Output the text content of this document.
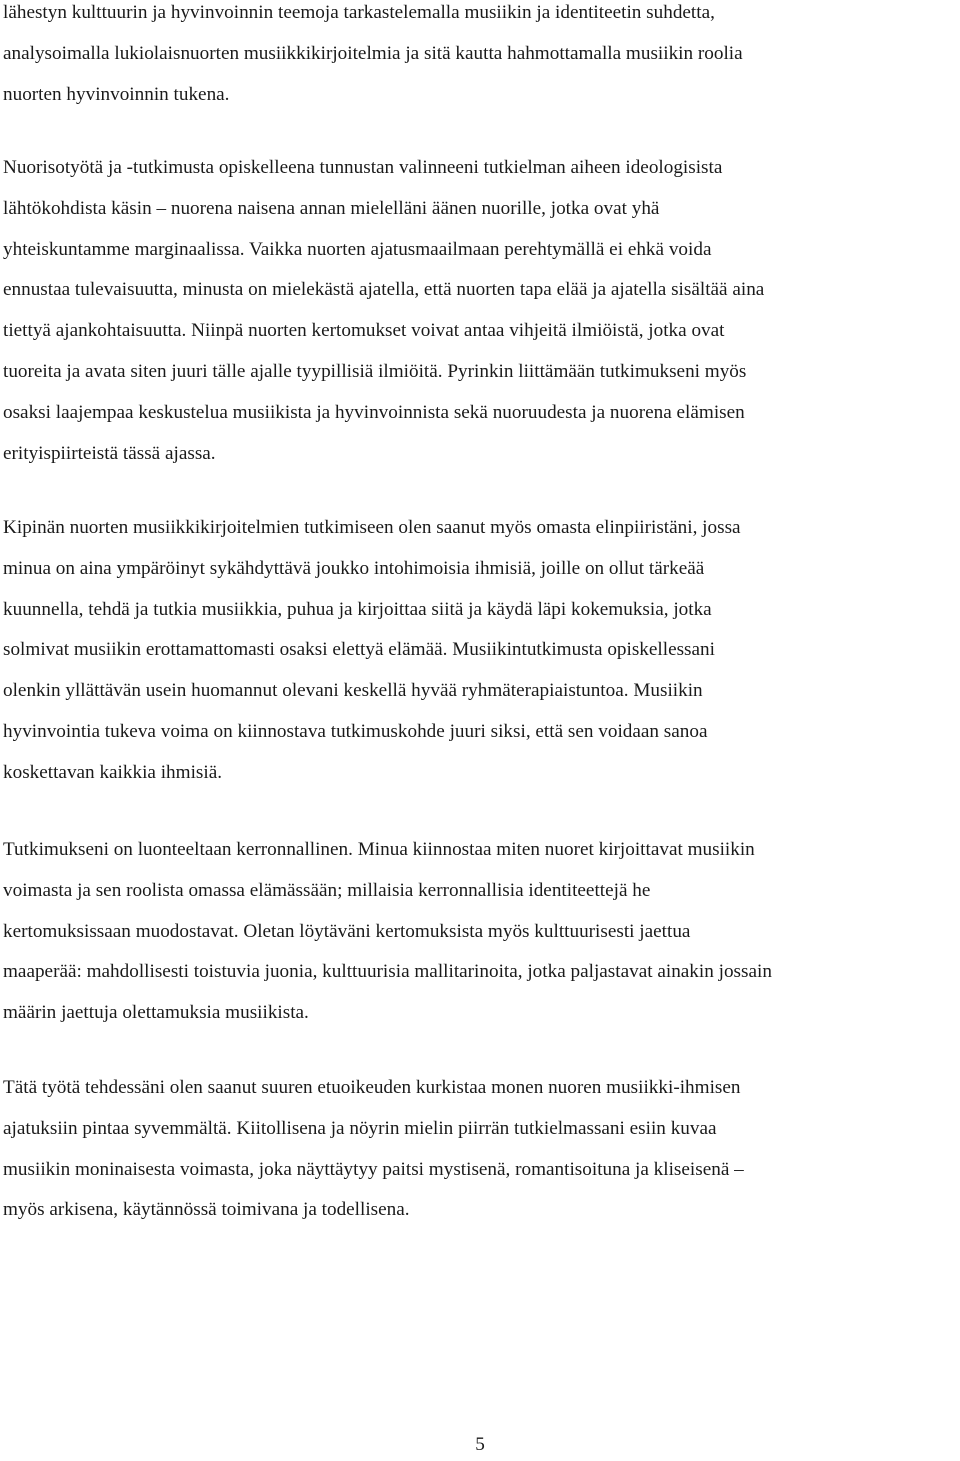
lähestyn kulttuurin ja hyvinvoinnin teemoja tarkastelemalla musiikin ja identiteetin suhdetta,
analysoimalla lukiolaisnuorten musiikkikirjoitelmia ja sitä kautta hahmottamalla musiikin roolia
nuorten hyvinvoinnin tukena.

Nuorisotyötä ja -tutkimusta opiskelleena tunnustan valinneeni tutkielman aiheen ideologisista
lähtökohdista käsin – nuorena naisena annan mielelläni äänen nuorille, jotka ovat yhä
yhteiskuntamme marginaalissa. Vaikka nuorten ajatusmaailmaan perehtymällä ei ehkä voida
ennustaa tulevaisuutta, minusta on mielekästä ajatella, että nuorten tapa elää ja ajatella sisältää aina
tiettyä ajankohtaisuutta. Niinpä nuorten kertomukset voivat antaa vihjeitä ilmiöistä, jotka ovat
tuoreita ja avata siten juuri tälle ajalle tyypillisiä ilmiöitä. Pyrinkin liittämään tutkimukseni myös
osaksi laajempaa keskustelua musiikista ja hyvinvoinnista sekä nuoruudesta ja nuorena elämisen
erityispiirteistä tässä ajassa.

Kipinän nuorten musiikkikirjoitelmien tutkimiseen olen saanut myös omasta elinpiiristäni, jossa
minua on aina ympäröinyt sykähdyttävä joukko intohimoisia ihmisiä, joille on ollut tärkeää
kuunnella, tehdä ja tutkia musiikkia, puhua ja kirjoittaa siitä ja käydä läpi kokemuksia, jotka
solmivat musiikin erottamattomasti osaksi elettyä elämää. Musiikintutkimusta opiskellessani
olenkin yllättävän usein huomannut olevani keskellä hyvää ryhmäterapiaistuntoa. Musiikin
hyvinvointia tukeva voima on kiinnostava tutkimuskohde juuri siksi, että sen voidaan sanoa
koskettavan kaikkia ihmisiä.

Tutkimukseni on luonteeltaan kerronnallinen. Minua kiinnostaa miten nuoret kirjoittavat musiikin
voimasta ja sen roolista omassa elämässään; millaisia kerronnallisia identiteettejä he
kertomuksissaan muodostavat. Oletan löytäväni kertomuksista myös kulttuurisesti jaettua
maaperää: mahdollisesti toistuvia juonia, kulttuurisia mallitarinoita, jotka paljastavat ainakin jossain
määrin jaettuja olettamuksia musiikista.

Tätä työtä tehdessäni olen saanut suuren etuoikeuden kurkistaa monen nuoren musiikki-ihmisen
ajatuksiin pintaa syvemmältä. Kiitollisena ja nöyrin mielin piirrän tutkielmassani esiin kuvaa
musiikin moninaisesta voimasta, joka näyttäytyy paitsi mystisenä, romantisoituna ja kliseisenä –
myös arkisena, käytännössä toimivana ja todellisena.

5
